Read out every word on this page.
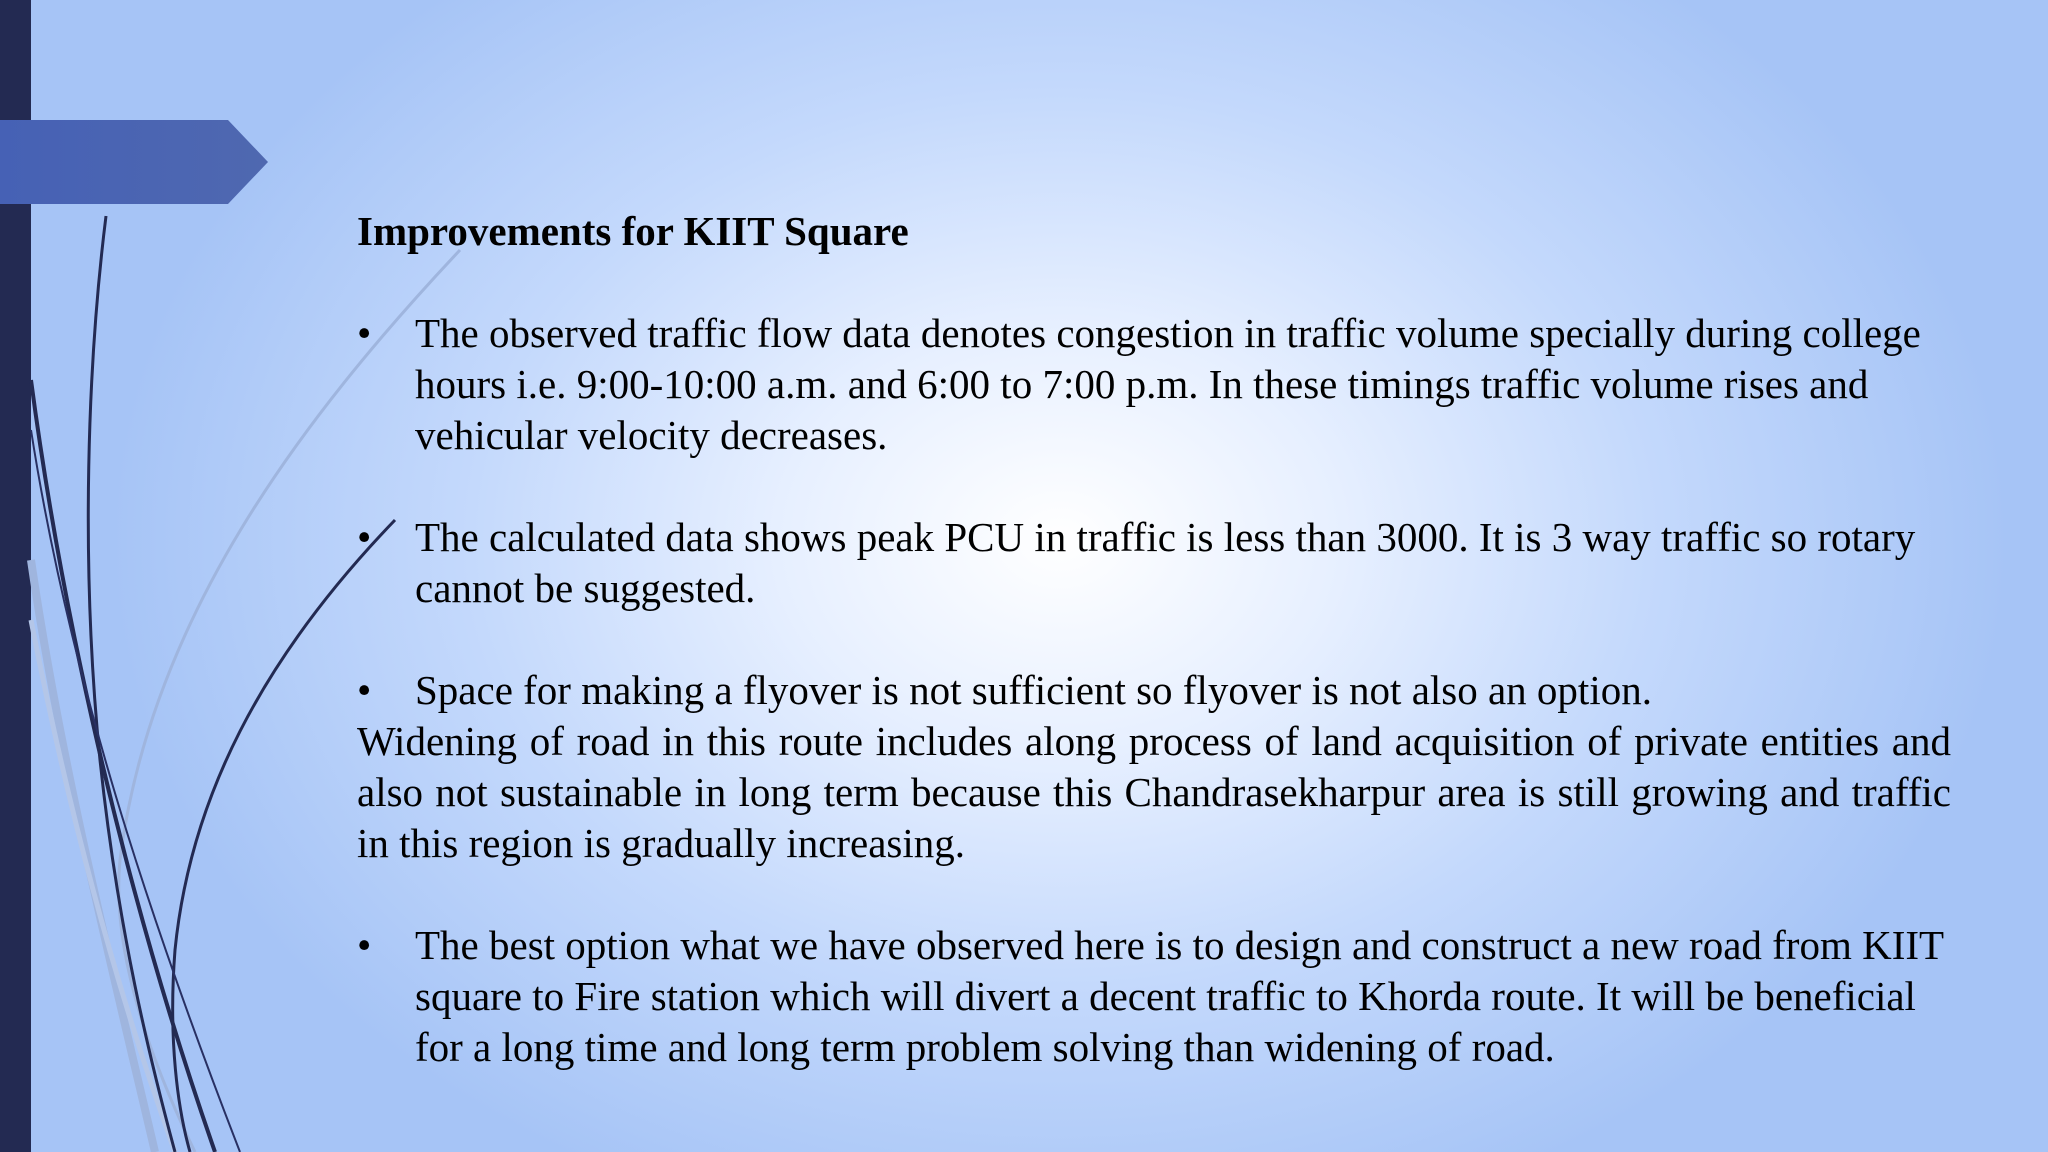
Improvements for KIIT Square

• The observed traffic flow data denotes congestion in traffic volume specially during college hours i.e. 9:00-10:00 a.m. and 6:00 to 7:00 p.m. In these timings traffic volume rises and vehicular velocity decreases.

• The calculated data shows peak PCU in traffic is less than 3000. It is 3 way traffic so rotary cannot be suggested.

• Space for making a flyover is not sufficient so flyover is not also an option.

Widening of road in this route includes along process of land acquisition of private entities and also not sustainable in long term because this Chandrasekharpur area is still growing and traffic in this region is gradually increasing.

• The best option what we have observed here is to design and construct a new road from KIIT square to Fire station which will divert a decent traffic to Khorda route. It will be beneficial for a long time and long term problem solving than widening of road.
